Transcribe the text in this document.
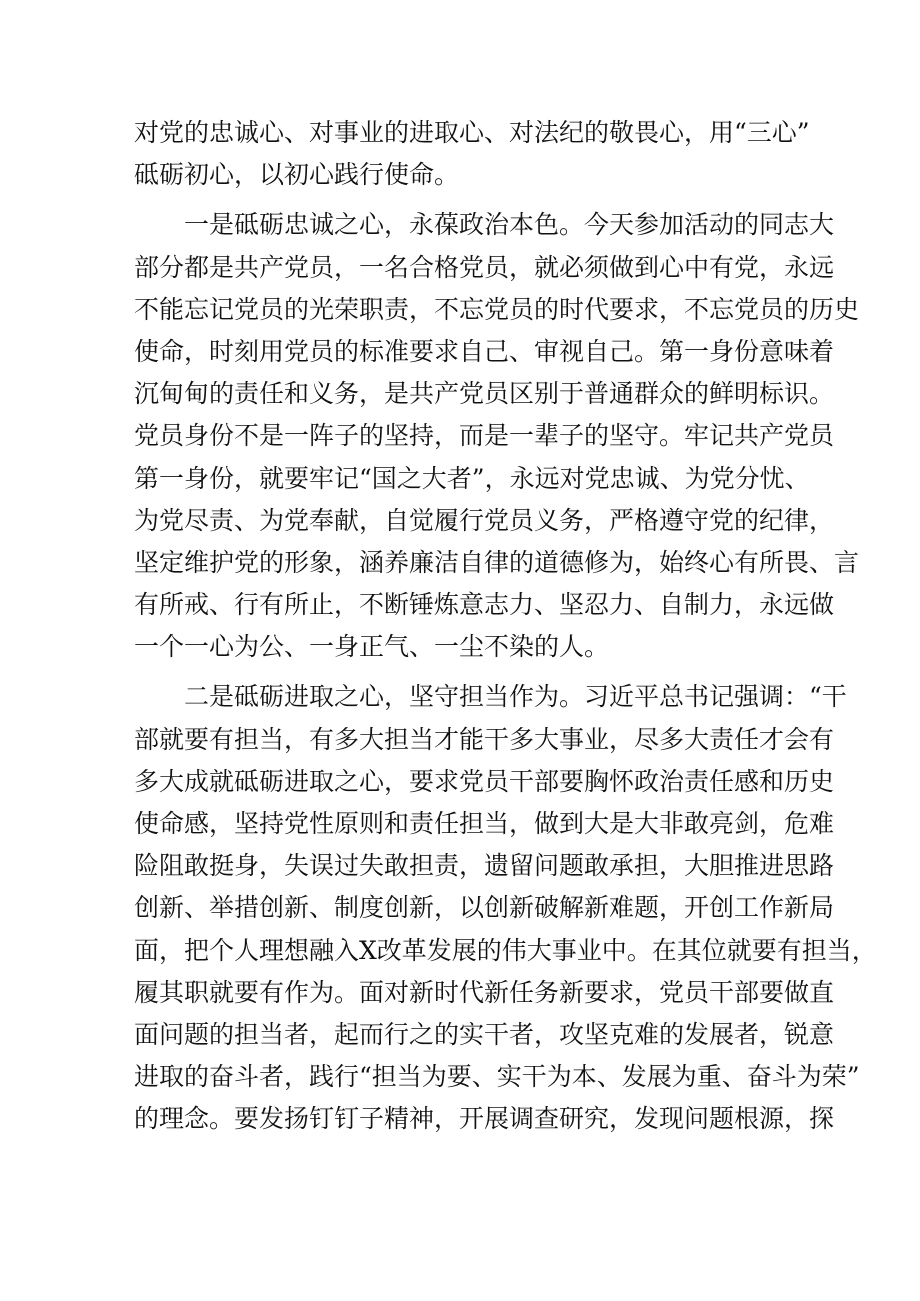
对党的忠诚心、对事业的进取心、对法纪的敬畏心，用“三心”
砥砺初心，以初心践行使命。
一是砥砺忠诚之心，永葆政治本色。今天参加活动的同志大
部分都是共产党员，一名合格党员，就必须做到心中有党，永远
不能忘记党员的光荣职责，不忘党员的时代要求，不忘党员的历史
使命，时刻用党员的标准要求自己、审视自己。第一身份意味着
沉甸甸的责任和义务，是共产党员区别于普通群众的鲜明标识。
党员身份不是一阵子的坚持，而是一辈子的坚守。牢记共产党员
第一身份，就要牢记“国之大者”，永远对党忠诚、为党分忧、
为党尽责、为党奉献，自觉履行党员义务，严格遵守党的纪律，
坚定维护党的形象，涵养廉洁自律的道德修为，始终心有所畏、言
有所戒、行有所止，不断锤炼意志力、坚忍力、自制力，永远做
一个一心为公、一身正气、一尘不染的人。
二是砥砺进取之心，坚守担当作为。习近平总书记强调：“干
部就要有担当，有多大担当才能干多大事业，尽多大责任才会有
多大成就砥砺进取之心，要求党员干部要胸怀政治责任感和历史
使命感，坚持党性原则和责任担当，做到大是大非敢亮剑，危难
险阻敢挺身，失误过失敢担责，遗留问题敢承担，大胆推进思路
创新、举措创新、制度创新，以创新破解新难题，开创工作新局
面，把个人理想融入X改革发展的伟大事业中。在其位就要有担当，
履其职就要有作为。面对新时代新任务新要求，党员干部要做直
面问题的担当者，起而行之的实干者，攻坚克难的发展者，锐意
进取的奋斗者，践行“担当为要、实干为本、发展为重、奋斗为荣”
的理念。要发扬钉钉子精神，开展调查研究，发现问题根源，探
